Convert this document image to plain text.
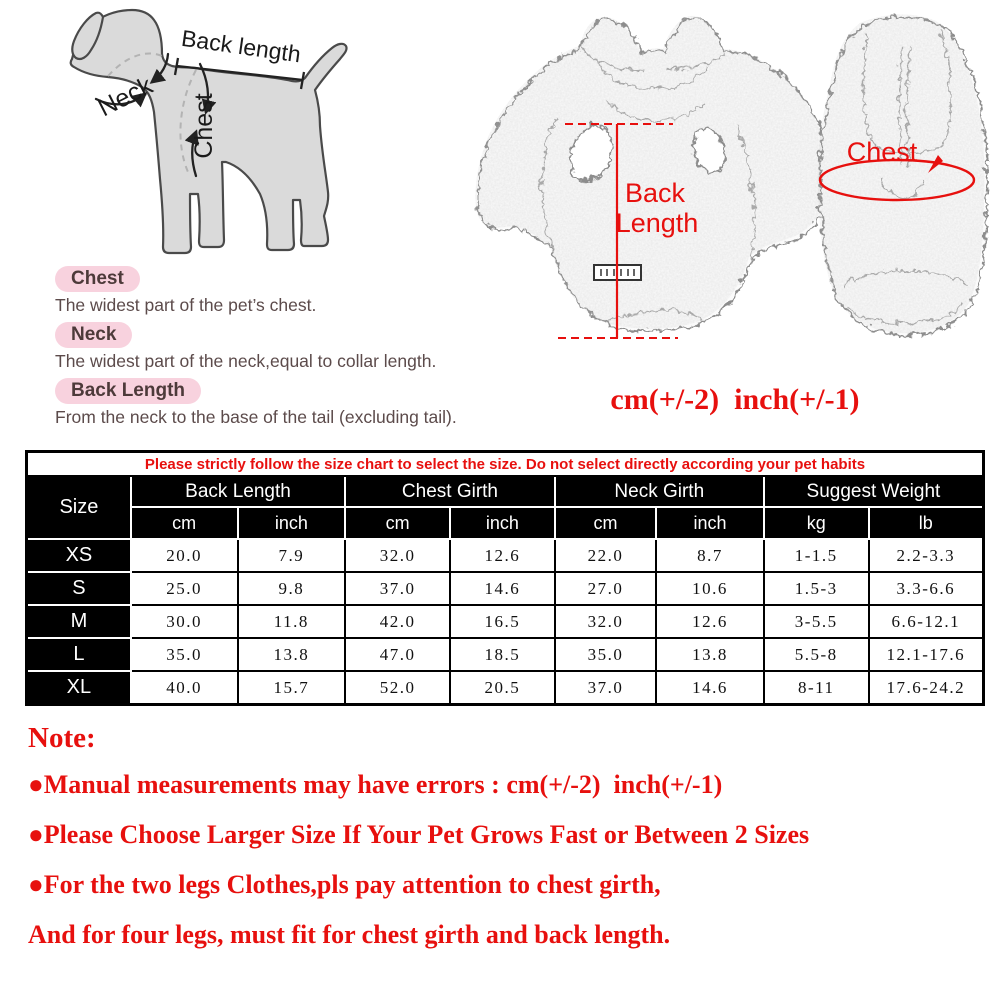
Back length
Neck Chest
Chest

The widest part of the pet’s chest.

Neck

The widest part of the neck,equal to collar length.

Back Length

From the neck to the base of the tail (excluding tail).

Back
Length
Chest
cm(+/-2)  inch(+/-1)
Please strictly follow the size chart to select the size. Do not select directly according your pet habits								
Size	Back Length		Chest Girth		Neck Girth		Suggest Weight	
	cm	inch	cm	inch	cm	inch	kg	lb
XS	20.0	7.9	32.0	12.6	22.0	8.7	1-1.5	2.2-3.3
S	25.0	9.8	37.0	14.6	27.0	10.6	1.5-3	3.3-6.6
M	30.0	11.8	42.0	16.5	32.0	12.6	3-5.5	6.6-12.1
L	35.0	13.8	47.0	18.5	35.0	13.8	5.5-8	12.1-17.6
XL	40.0	15.7	52.0	20.5	37.0	14.6	8-11	17.6-24.2
Note:
●Manual measurements may have errors : cm(+/-2)  inch(+/-1)
●Please Choose Larger Size If Your Pet Grows Fast or Between 2 Sizes
●For the two legs Clothes,pls pay attention to chest girth,
And for four legs, must fit for chest girth and back length.
